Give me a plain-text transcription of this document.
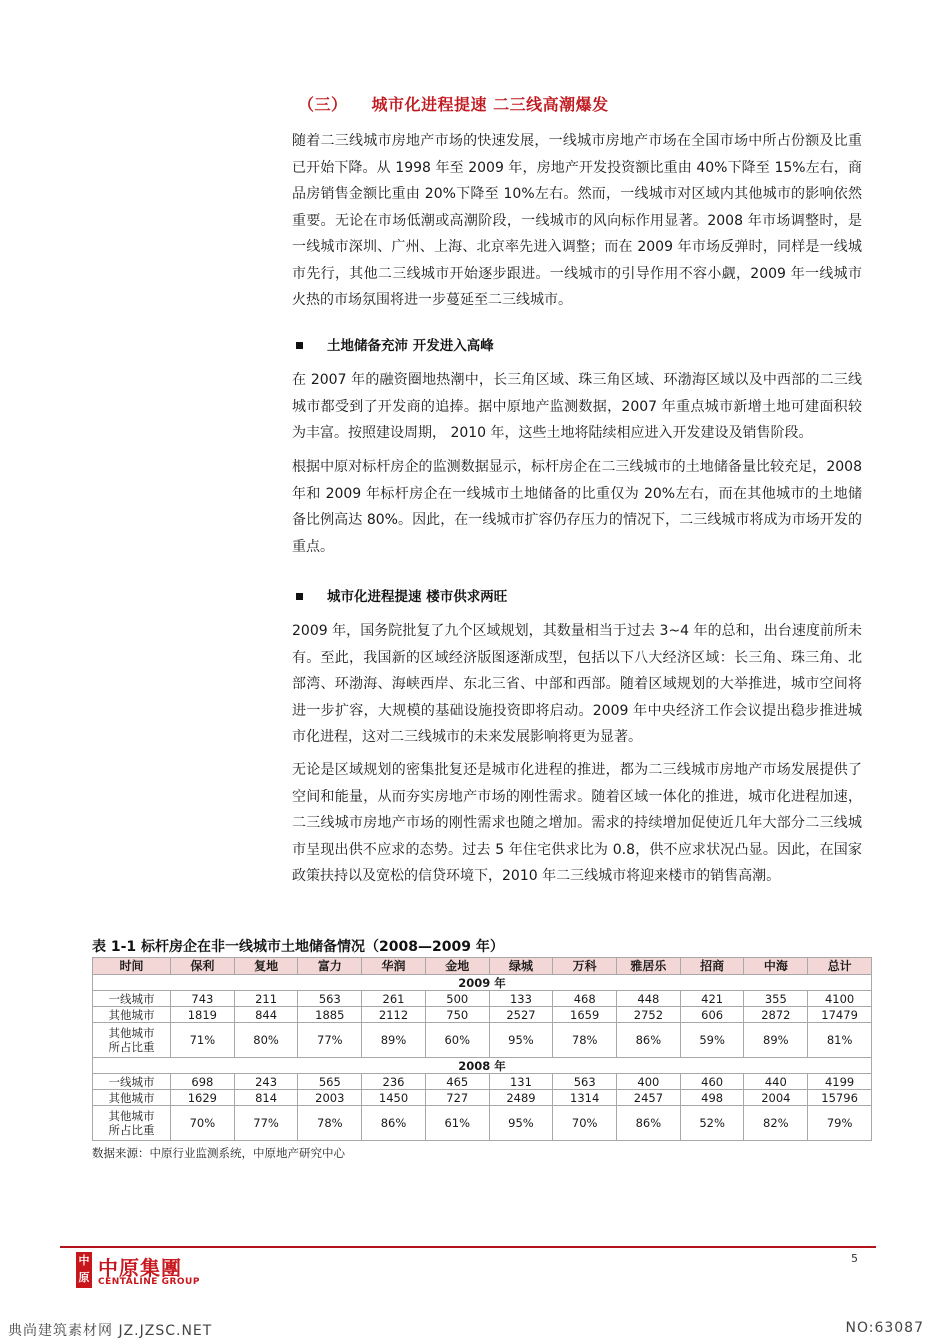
（三） 城市化进程提速 二三线高潮爆发

随着二三线城市房地产市场的快速发展，一线城市房地产市场在全国市场中所占份额及比重已开始下降。从 1998 年至 2009 年，房地产开发投资额比重由 40%下降至 15%左右，商品房销售金额比重由 20%下降至 10%左右。然而，一线城市对区域内其他城市的影响依然重要。无论在市场低潮或高潮阶段，一线城市的风向标作用显著。2008 年市场调整时，是一线城市深圳、广州、上海、北京率先进入调整；而在 2009 年市场反弹时，同样是一线城市先行，其他二三线城市开始逐步跟进。一线城市的引导作用不容小觑，2009 年一线城市火热的市场氛围将进一步蔓延至二三线城市。

土地储备充沛 开发进入高峰

在 2007 年的融资圈地热潮中，长三角区域、珠三角区域、环渤海区域以及中西部的二三线城市都受到了开发商的追捧。据中原地产监测数据，2007 年重点城市新增土地可建面积较为丰富。按照建设周期， 2010 年，这些土地将陆续相应进入开发建设及销售阶段。

根据中原对标杆房企的监测数据显示，标杆房企在二三线城市的土地储备量比较充足，2008 年和 2009 年标杆房企在一线城市土地储备的比重仅为 20%左右，而在其他城市的土地储备比例高达 80%。因此，在一线城市扩容仍存压力的情况下，二三线城市将成为市场开发的重点。

城市化进程提速 楼市供求两旺

2009 年，国务院批复了九个区域规划，其数量相当于过去 3~4 年的总和，出台速度前所未有。至此，我国新的区域经济版图逐渐成型，包括以下八大经济区域：长三角、珠三角、北部湾、环渤海、海峡西岸、东北三省、中部和西部。随着区域规划的大举推进，城市空间将进一步扩容，大规模的基础设施投资即将启动。2009 年中央经济工作会议提出稳步推进城市化进程，这对二三线城市的未来发展影响将更为显著。

无论是区域规划的密集批复还是城市化进程的推进，都为二三线城市房地产市场发展提供了空间和能量，从而夯实房地产市场的刚性需求。随着区域一体化的推进，城市化进程加速，二三线城市房地产市场的刚性需求也随之增加。需求的持续增加促使近几年大部分二三线城市呈现出供不应求的态势。过去 5 年住宅供求比为 0.8，供不应求状况凸显。因此，在国家政策扶持以及宽松的信贷环境下，2010 年二三线城市将迎来楼市的销售高潮。

表 1-1 标杆房企在非一线城市土地储备情况（2008—2009 年）
时间	保利	复地	富力	华润	金地	绿城	万科	雅居乐	招商	中海	总计
2009 年											
一线城市	743	211	563	261	500	133	468	448	421	355	4100
其他城市	1819	844	1885	2112	750	2527	1659	2752	606	2872	17479
其他城市
所占比重	71%	80%	77%	89%	60%	95%	78%	86%	59%	89%	81%
2008 年											
一线城市	698	243	565	236	465	131	563	400	460	440	4199
其他城市	1629	814	2003	1450	727	2489	1314	2457	498	2004	15796
其他城市
所占比重	70%	77%	78%	86%	61%	95%	70%	86%	52%	82%	79%
数据来源：中原行业监测系统，中原地产研究中心
中原 中原集團
CENTALINE GROUP
5
典尚建筑素材网 JZ.JZSC.NET	NO:63087
